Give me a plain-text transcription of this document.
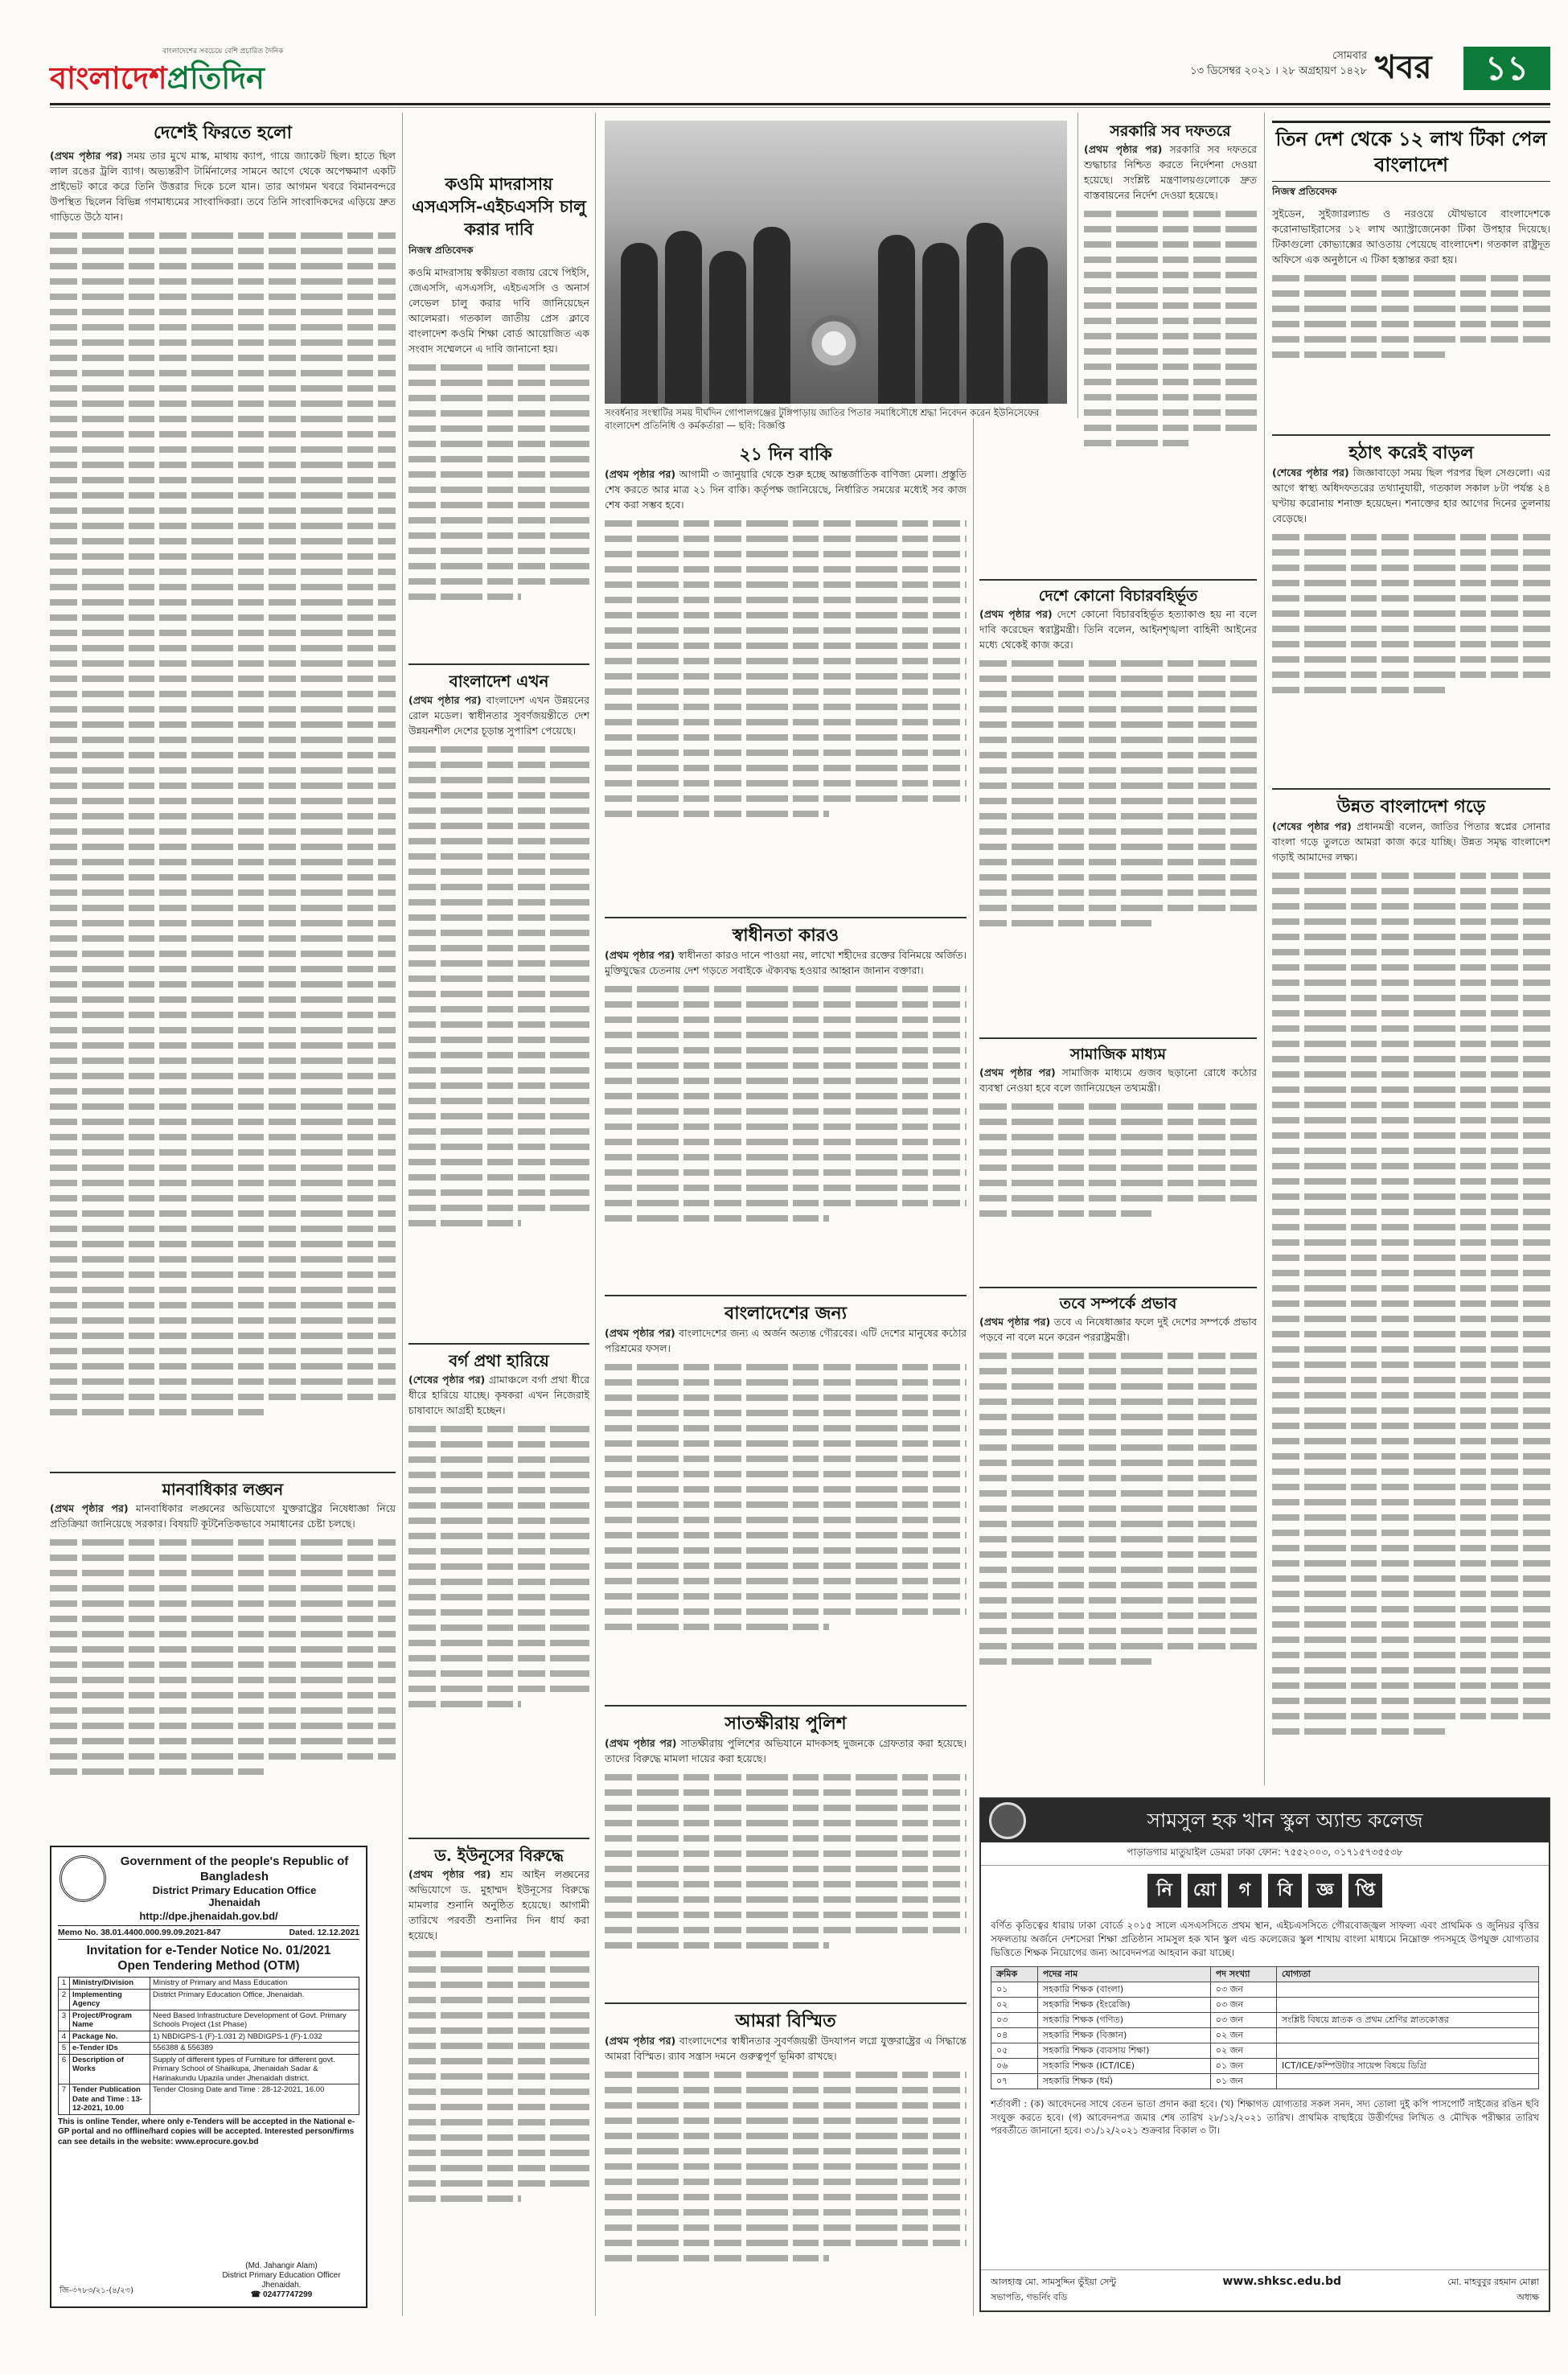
বাংলাদেশের সবচেয়ে বেশি প্রচারিত দৈনিক
বাংলাদেশপ্রতিদিন
সোমবার
১৩ ডিসেম্বর ২০২১ । ২৮ অগ্রহায়ণ ১৪২৮ খবর	১১
দেশেই ফিরতে হলো
(প্রথম পৃষ্ঠার পর) সময় তার মুখে মাস্ক, মাথায় ক্যাপ, গায়ে জ্যাকেট ছিল। হাতে ছিল লাল রঙের ট্রলি ব্যাগ। অভ্যন্তরীণ টার্মিনালের সামনে আগে থেকে অপেক্ষমাণ একটি প্রাইভেট কারে করে তিনি উত্তরার দিকে চলে যান। তার আগমন খবরে বিমানবন্দরে উপস্থিত ছিলেন বিভিন্ন গণমাধ্যমের সাংবাদিকরা। তবে তিনি সাংবাদিকদের এড়িয়ে দ্রুত গাড়িতে উঠে যান।
মানবাধিকার লঙ্ঘন
(প্রথম পৃষ্ঠার পর) মানবাধিকার লঙ্ঘনের অভিযোগে যুক্তরাষ্ট্রের নিষেধাজ্ঞা নিয়ে প্রতিক্রিয়া জানিয়েছে সরকার। বিষয়টি কূটনৈতিকভাবে সমাধানের চেষ্টা চলছে।
Government of the people's Republic of Bangladesh
District Primary Education Office
Jhenaidah
http://dpe.jhenaidah.gov.bd/
Memo No. 38.01.4400.000.99.09.2021-847	Dated. 12.12.2021
Invitation for e-Tender Notice No. 01/2021
Open Tendering Method (OTM)
1	Ministry/Division	Ministry of Primary and Mass Education
2	Implementing Agency	District Primary Education Office, Jhenaidah.
3	Project/Program Name	Need Based Infrastructure Development of Govt. Primary Schools Project (1st Phase)
4	Package No.	1) NBDIGPS-1 (F)-1.031 2) NBDIGPS-1 (F)-1.032
5	e-Tender IDs	556388 & 556389
6	Description of Works	Supply of different types of Furniture for different govt. Primary School of Shailkupa, Jhenaidah Sadar & Harinakundu Upazila under Jhenaidah district.
7	Tender Publication Date and Time : 13-12-2021, 10.00	Tender Closing Date and Time : 28-12-2021, 16.00
This is online Tender, where only e-Tenders will be accepted in the National e-GP portal and no offline/hard copies will be accepted. Interested person/firms can see details in the website: www.eprocure.gov.bd
জি-৩৭৮৩/২১-(৪/২৩)
(Md. Jahangir Alam)
District Primary Education Officer
Jhenaidah.
☎ 02477747299
কওমি মাদরাসায় এসএসসি-এইচএসসি চালু করার দাবি
নিজস্ব প্রতিবেদক
কওমি মাদরাসায় স্বকীয়তা বজায় রেখে পিইসি, জেএসসি, এসএসসি, এইচএসসি ও অনার্স লেভেল চালু করার দাবি জানিয়েছেন আলেমরা। গতকাল জাতীয় প্রেস ক্লাবে বাংলাদেশ কওমি শিক্ষা বোর্ড আয়োজিত এক সংবাদ সম্মেলনে এ দাবি জানানো হয়।
বাংলাদেশ এখন
(প্রথম পৃষ্ঠার পর) বাংলাদেশ এখন উন্নয়নের রোল মডেল। স্বাধীনতার সুবর্ণজয়ন্তীতে দেশ উন্নয়নশীল দেশের চূড়ান্ত সুপারিশ পেয়েছে।
বর্গ প্রথা হারিয়ে
(শেষের পৃষ্ঠার পর) গ্রামাঞ্চলে বর্গা প্রথা ধীরে ধীরে হারিয়ে যাচ্ছে। কৃষকরা এখন নিজেরাই চাষাবাদে আগ্রহী হচ্ছেন।
ড. ইউনূসের বিরুদ্ধে
(প্রথম পৃষ্ঠার পর) শ্রম আইন লঙ্ঘনের অভিযোগে ড. মুহাম্মদ ইউনূসের বিরুদ্ধে মামলার শুনানি অনুষ্ঠিত হয়েছে। আগামী তারিখে পরবর্তী শুনানির দিন ধার্য করা হয়েছে।
সংবর্ধনার সংস্থাটির সময় দীর্ঘদিন গোপালগঞ্জের টুঙ্গিপাড়ায় জাতির পিতার সমাধিসৌধে শ্রদ্ধা নিবেদন করেন ইউনিসেফের বাংলাদেশ প্রতিনিধি ও কর্মকর্তারা — ছবি: বিজ্ঞপ্তি
২১ দিন বাকি
(প্রথম পৃষ্ঠার পর) আগামী ৩ জানুয়ারি থেকে শুরু হচ্ছে আন্তর্জাতিক বাণিজ্য মেলা। প্রস্তুতি শেষ করতে আর মাত্র ২১ দিন বাকি। কর্তৃপক্ষ জানিয়েছে, নির্ধারিত সময়ের মধ্যেই সব কাজ শেষ করা সম্ভব হবে।
স্বাধীনতা কারও
(প্রথম পৃষ্ঠার পর) স্বাধীনতা কারও দানে পাওয়া নয়, লাখো শহীদের রক্তের বিনিময়ে অর্জিত। মুক্তিযুদ্ধের চেতনায় দেশ গড়তে সবাইকে ঐক্যবদ্ধ হওয়ার আহ্বান জানান বক্তারা।
বাংলাদেশের জন্য
(প্রথম পৃষ্ঠার পর) বাংলাদেশের জন্য এ অর্জন অত্যন্ত গৌরবের। এটি দেশের মানুষের কঠোর পরিশ্রমের ফসল।
সাতক্ষীরায় পুলিশ
(প্রথম পৃষ্ঠার পর) সাতক্ষীরায় পুলিশের অভিযানে মাদকসহ দুজনকে গ্রেফতার করা হয়েছে। তাদের বিরুদ্ধে মামলা দায়ের করা হয়েছে।
আমরা বিস্মিত
(প্রথম পৃষ্ঠার পর) বাংলাদেশের স্বাধীনতার সুবর্ণজয়ন্তী উদযাপন লগ্নে যুক্তরাষ্ট্রের এ সিদ্ধান্তে আমরা বিস্মিত। র‍্যাব সন্ত্রাস দমনে গুরুত্বপূর্ণ ভূমিকা রাখছে।
সরকারি সব দফতরে
(প্রথম পৃষ্ঠার পর) সরকারি সব দফতরে শুদ্ধাচার নিশ্চিত করতে নির্দেশনা দেওয়া হয়েছে। সংশ্লিষ্ট মন্ত্রণালয়গুলোকে দ্রুত বাস্তবায়নের নির্দেশ দেওয়া হয়েছে।
দেশে কোনো বিচারবহির্ভূত
(প্রথম পৃষ্ঠার পর) দেশে কোনো বিচারবহির্ভূত হত্যাকাণ্ড হয় না বলে দাবি করেছেন স্বরাষ্ট্রমন্ত্রী। তিনি বলেন, আইনশৃঙ্খলা বাহিনী আইনের মধ্যে থেকেই কাজ করে।
সামাজিক মাধ্যম
(প্রথম পৃষ্ঠার পর) সামাজিক মাধ্যমে গুজব ছড়ানো রোধে কঠোর ব্যবস্থা নেওয়া হবে বলে জানিয়েছেন তথ্যমন্ত্রী।
তবে সম্পর্কে প্রভাব
(প্রথম পৃষ্ঠার পর) তবে এ নিষেধাজ্ঞার ফলে দুই দেশের সম্পর্কে প্রভাব পড়বে না বলে মনে করেন পররাষ্ট্রমন্ত্রী।
তিন দেশ থেকে ১২ লাখ টিকা পেল বাংলাদেশ
নিজস্ব প্রতিবেদক
সুইডেন, সুইজারল্যান্ড ও নরওয়ে যৌথভাবে বাংলাদেশকে করোনাভাইরাসের ১২ লাখ অ্যাস্ট্রাজেনেকা টিকা উপহার দিয়েছে। টিকাগুলো কোভ্যাক্সের আওতায় পেয়েছে বাংলাদেশ। গতকাল রাষ্ট্রদূত অফিসে এক অনুষ্ঠানে এ টিকা হস্তান্তর করা হয়।
হঠাৎ করেই বাড়ল
(শেষের পৃষ্ঠার পর) জিজ্ঞাবাড়ো সময় ছিল পরপর ছিল সেগুলো। এর আগে স্বাস্থ্য অধিদফতরের তথ্যানুযায়ী, গতকাল সকাল ৮টা পর্যন্ত ২৪ ঘণ্টায় করোনায় শনাক্ত হয়েছেন। শনাক্তের হার আগের দিনের তুলনায় বেড়েছে।
উন্নত বাংলাদেশ গড়ে
(শেষের পৃষ্ঠার পর) প্রধানমন্ত্রী বলেন, জাতির পিতার স্বপ্নের সোনার বাংলা গড়ে তুলতে আমরা কাজ করে যাচ্ছি। উন্নত সমৃদ্ধ বাংলাদেশ গড়াই আমাদের লক্ষ্য।
সামসুল হক খান স্কুল অ্যান্ড কলেজ
পাড়াডগার মাতুয়াইল ডেমরা ঢাকা ফোন: ৭৫৫২০০৩, ০১৭১৫৭৩৫৫৩৮
নি	য়ো	গ	বি	জ্ঞ	প্তি
বর্ণিত কৃতিত্বের ধারায় ঢাকা বোর্ডে ২০১৫ সালে এসএসসিতে প্রথম স্থান, এইচএসসিতে গৌরবোজ্জ্বল সাফল্য এবং প্রাথমিক ও জুনিয়র বৃত্তির সফলতায় অর্জনে দেশসেরা শিক্ষা প্রতিষ্ঠান সামসুল হক খান স্কুল এন্ড কলেজের স্কুল শাখায় বাংলা মাধ্যমে নিম্নোক্ত পদসমূহে উপযুক্ত যোগ্যতার ভিত্তিতে শিক্ষক নিয়োগের জন্য আবেদনপত্র আহবান করা যাচ্ছে।
ক্রমিক	পদের নাম	পদ সংখ্যা	যোগ্যতা
০১	সহকারি শিক্ষক (বাংলা)	০৩ জন	
০২	সহকারি শিক্ষক (ইংরেজি)	০৩ জন	
০৩	সহকারি শিক্ষক (গণিত)	০৩ জন	সংশ্লিষ্ট বিষয়ে স্নাতক ও প্রথম শ্রেণির স্নাতকোত্তর
০৪	সহকারি শিক্ষক (বিজ্ঞান)	০২ জন	
০৫	সহকারি শিক্ষক (ব্যবসায় শিক্ষা)	০২ জন	
০৬	সহকারি শিক্ষক (ICT/ICE)	০১ জন	ICT/ICE/কম্পিউটার সায়েন্স বিষয়ে ডিগ্রি
০৭	সহকারি শিক্ষক (ধর্ম)	০১ জন	
শর্তাবলী : (ক) আবেদনের সাথে বেতন ভাতা প্রদান করা হবে। (খ) শিক্ষাগত যোগ্যতার সকল সনদ, সদ্য তোলা দুই কপি পাসপোর্ট সাইজের রঙিন ছবি সংযুক্ত করতে হবে। (গ) আবেদনপত্র জমার শেষ তারিখ ২৮/১২/২০২১ তারিখ। প্রাথমিক বাছাইয়ে উত্তীর্ণদের লিখিত ও মৌখিক পরীক্ষার তারিখ পরবর্তীতে জানানো হবে। ৩১/১২/২০২১ শুক্রবার বিকাল ৩ টা।
আলহাজ্ব মো. সামসুদ্দিন ভুঁইয়া সেন্টু
সভাপতি, গভর্নিং বডি
www.shksc.edu.bd	মো. মাহবুবুর রহমান মোল্লা
অধ্যক্ষ
